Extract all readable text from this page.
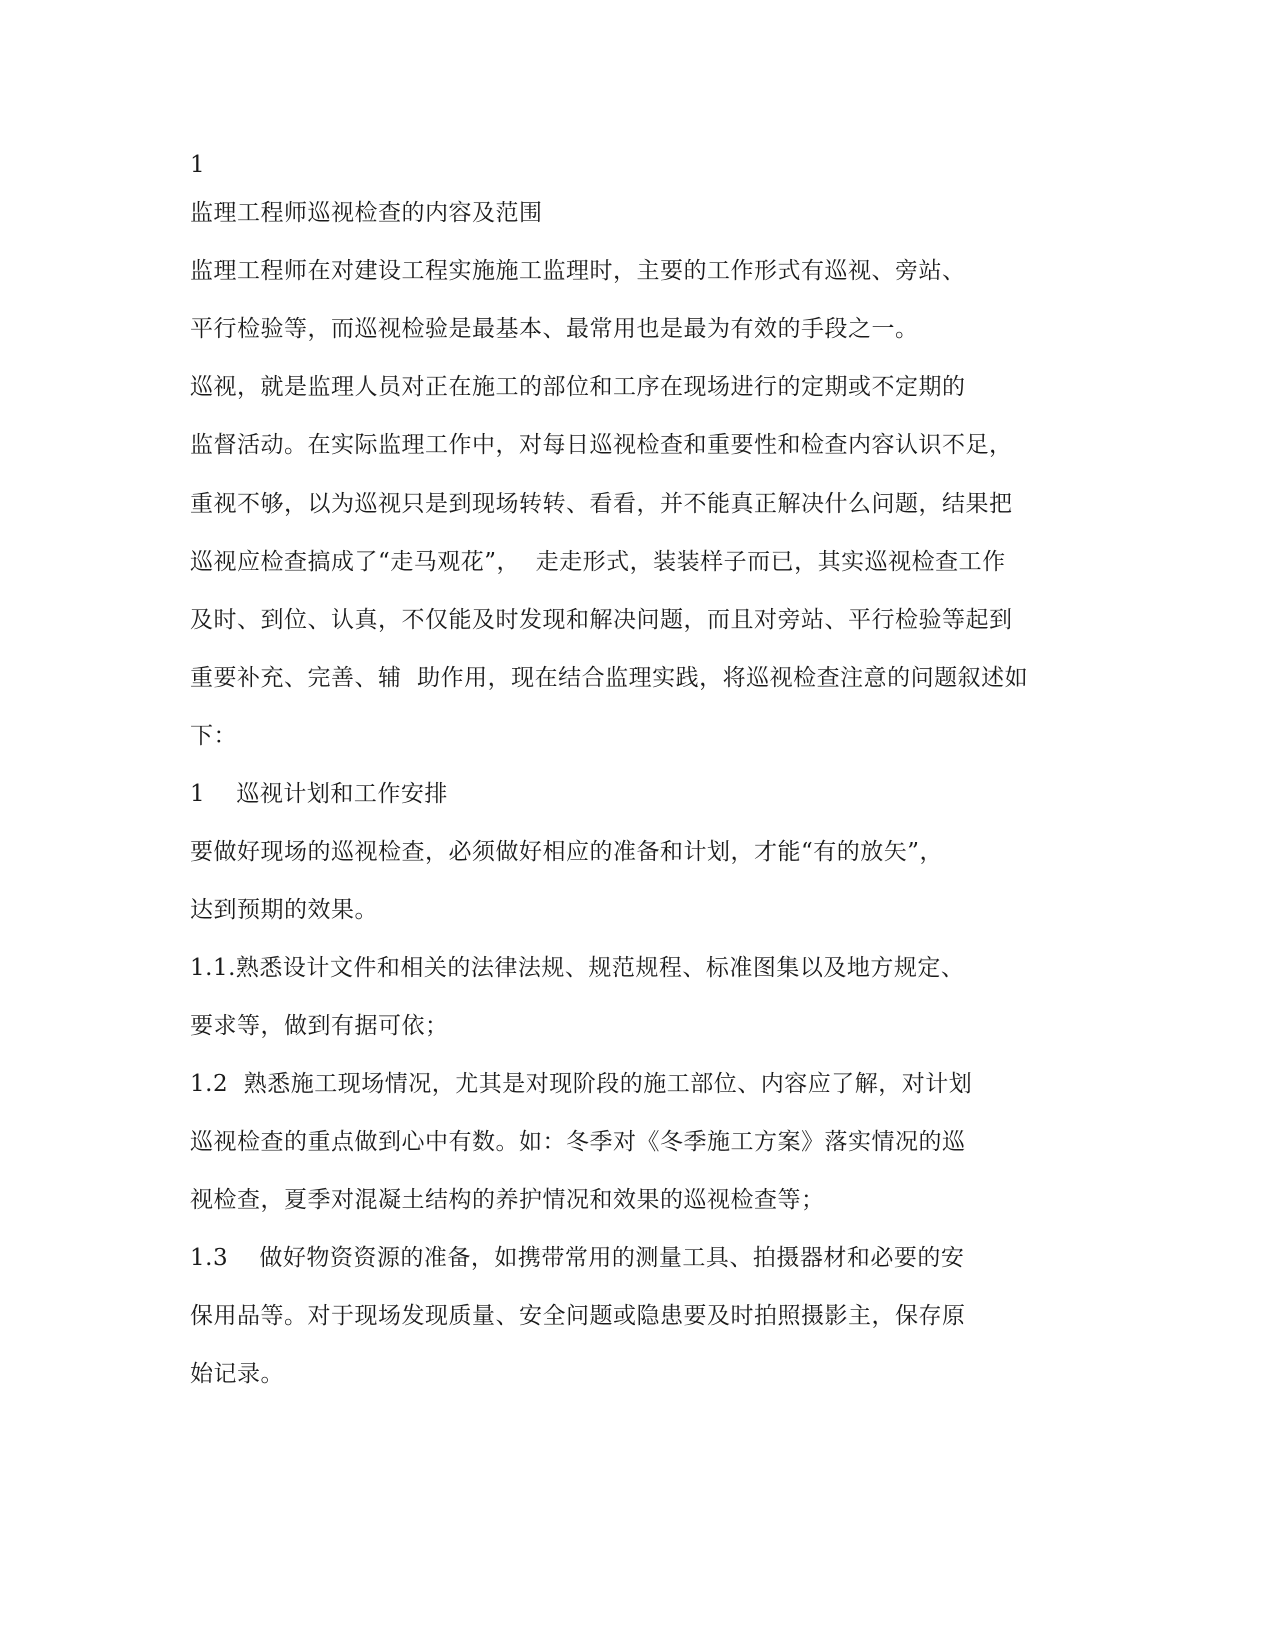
1
监理工程师巡视检查的内容及范围
监理工程师在对建设工程实施施工监理时，主要的工作形式有巡视、旁站、
平行检验等，而巡视检验是最基本、最常用也是最为有效的手段之一。
巡视，就是监理人员对正在施工的部位和工序在现场进行的定期或不定期的
监督活动。在实际监理工作中，对每日巡视检查和重要性和检查内容认识不足，
重视不够，以为巡视只是到现场转转、看看，并不能真正解决什么问题，结果把
巡视应检查搞成了“走马观花”，  走走形式，装装样子而已，其实巡视检查工作
及时、到位、认真，不仅能及时发现和解决问题，而且对旁站、平行检验等起到
重要补充、完善、辅  助作用，现在结合监理实践，将巡视检查注意的问题叙述如
下：
1    巡视计划和工作安排
要做好现场的巡视检查，必须做好相应的准备和计划，才能“有的放矢”，
达到预期的效果。
1.1.熟悉设计文件和相关的法律法规、规范规程、标准图集以及地方规定、
要求等，做到有据可依；
1.2  熟悉施工现场情况，尤其是对现阶段的施工部位、内容应了解，对计划
巡视检查的重点做到心中有数。如：冬季对《冬季施工方案》落实情况的巡
视检查，夏季对混凝土结构的养护情况和效果的巡视检查等；
1.3    做好物资资源的准备，如携带常用的测量工具、拍摄器材和必要的安
保用品等。对于现场发现质量、安全问题或隐患要及时拍照摄影主，保存原
始记录。
